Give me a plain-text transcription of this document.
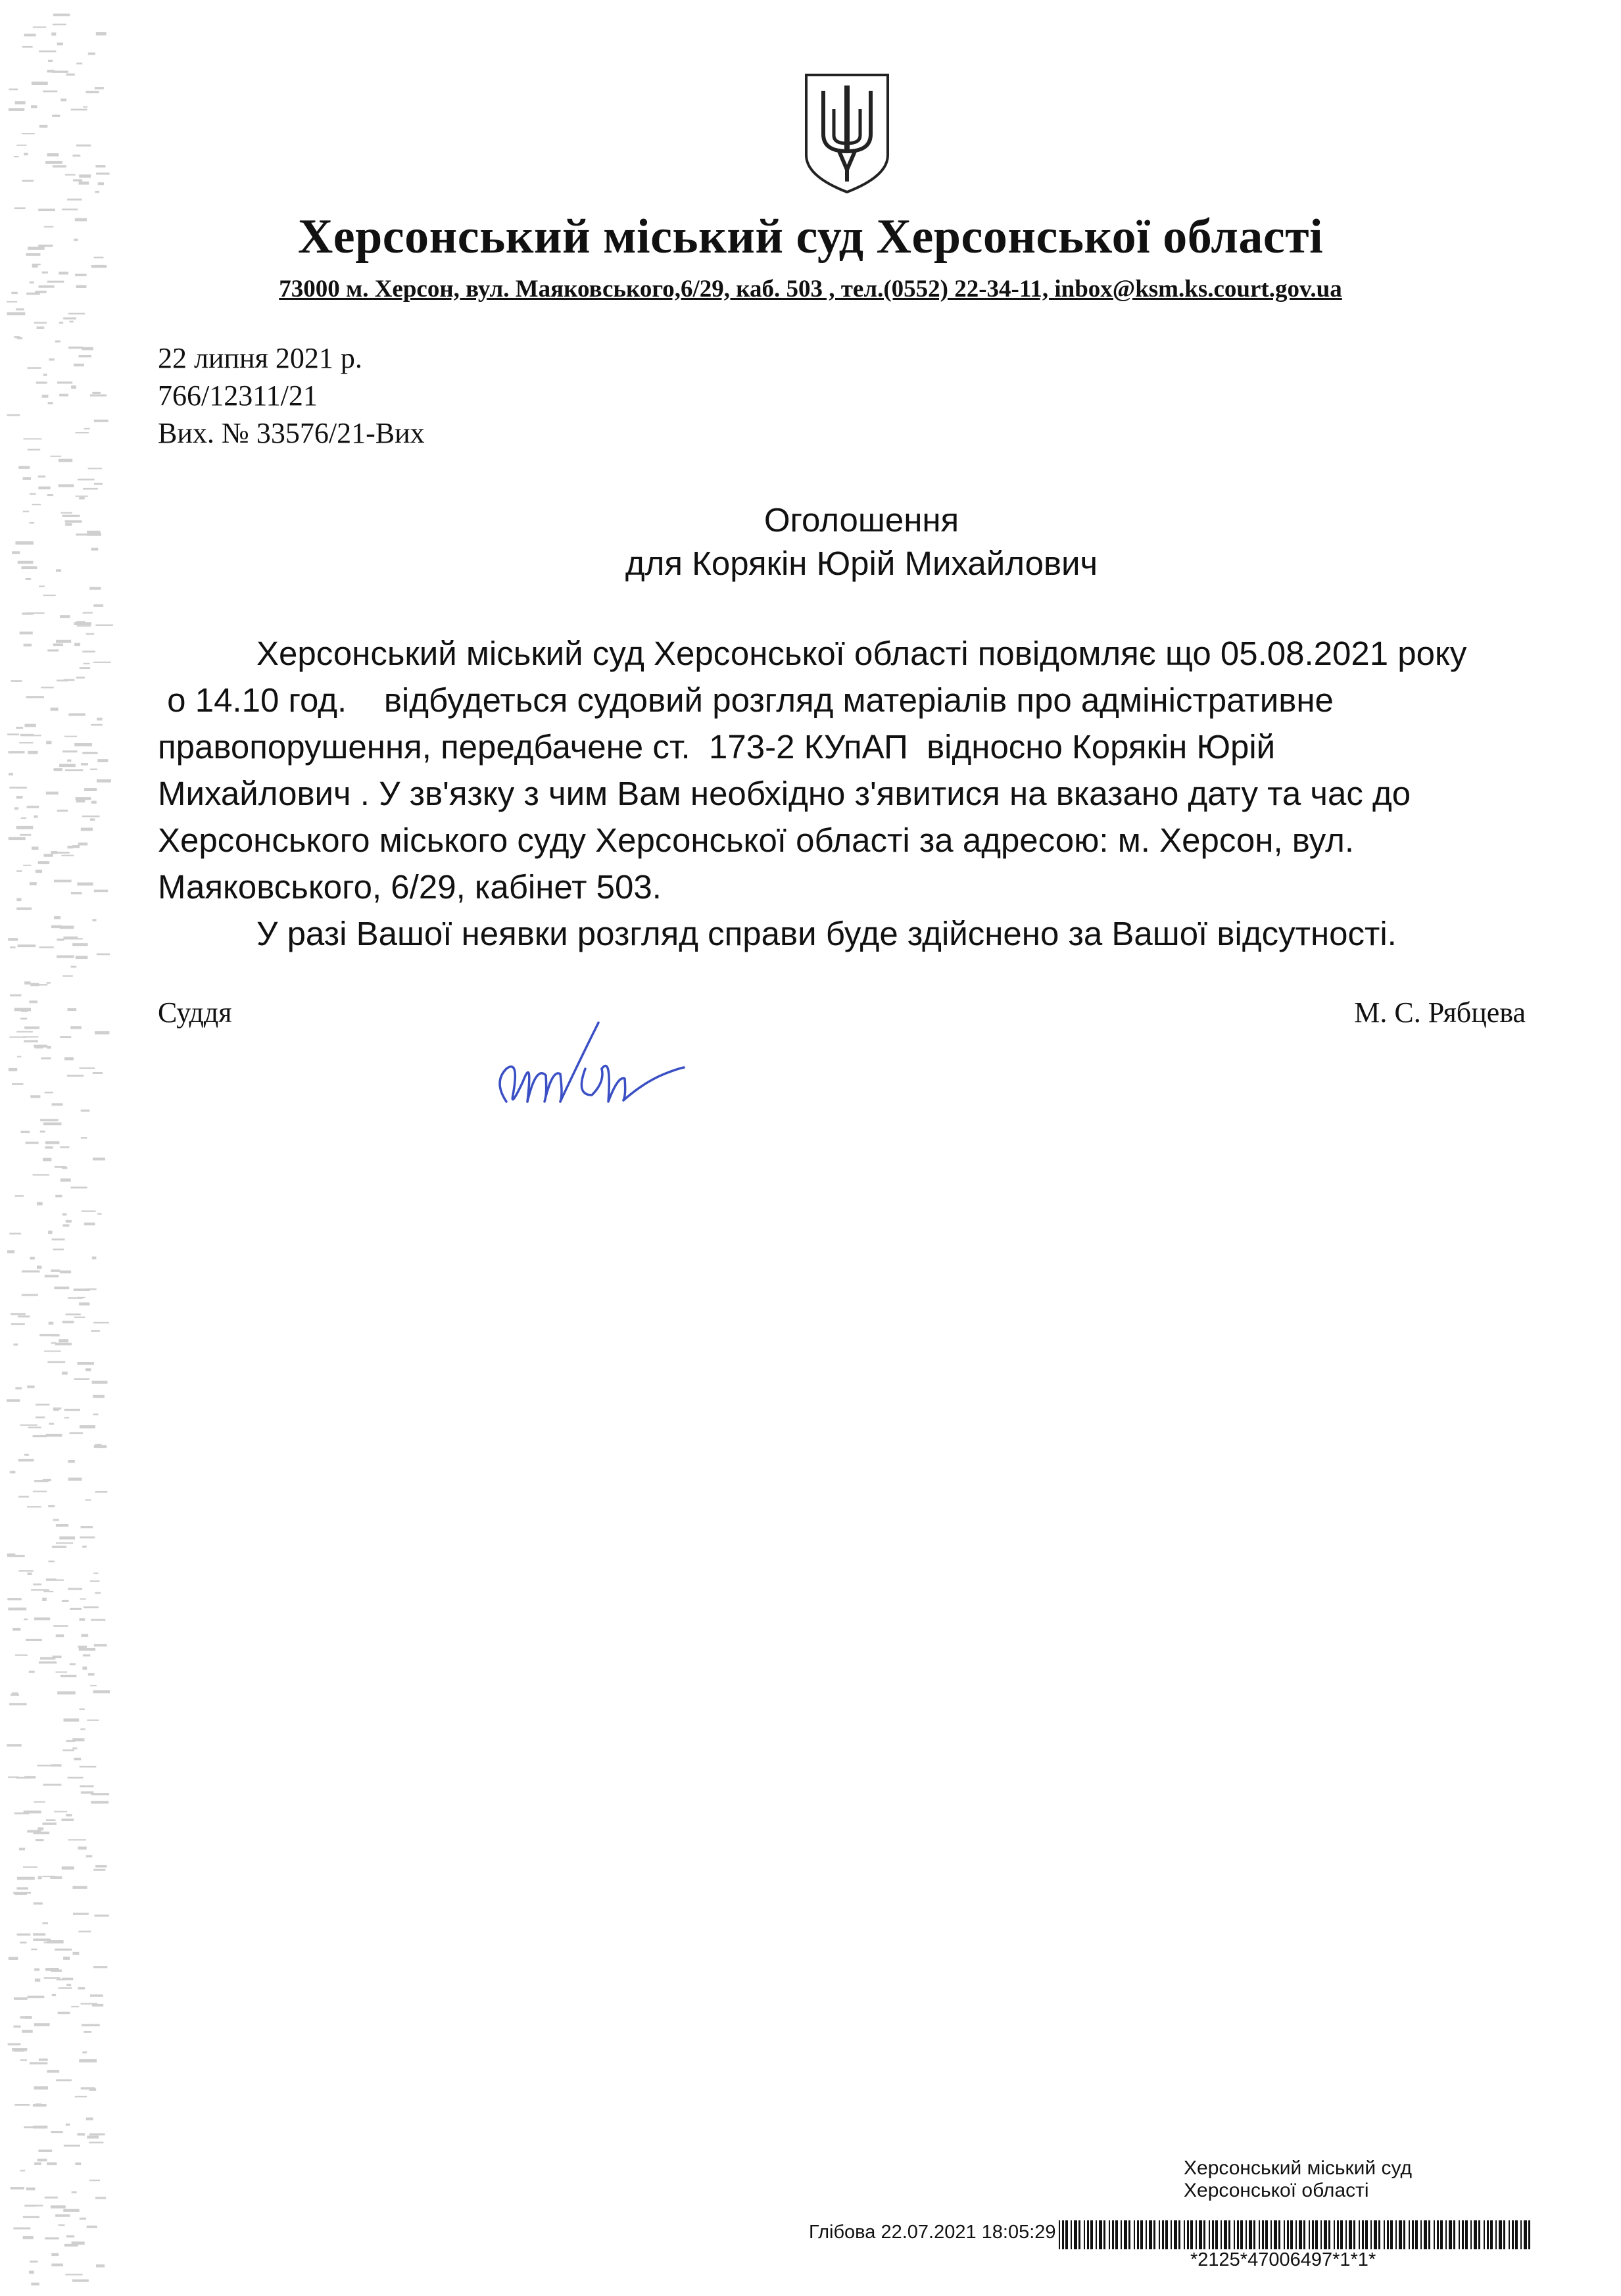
Херсонський міський суд Херсонської області
73000 м. Херсон, вул. Маяковського,6/29, каб. 503 , тел.(0552) 22-34-11, inbox@ksm.ks.court.gov.ua
22 липня 2021 р.
766/12311/21
Вих. № 33576/21-Вих
Оголошення
для Корякін Юрій Михайлович
Херсонський міський суд Херсонської області повідомляє що 05.08.2021 року
о 14.10 год.    відбудеться судовий розгляд матеріалів про адміністративне
правопорушення, передбачене ст.  173-2 КУпАП  відносно Корякін Юрій
Михайлович . У зв'язку з чим Вам необхідно з'явитися на вказано дату та час до
Херсонського міського суду Херсонської області за адресою: м. Херсон, вул.
Маяковського, 6/29, кабінет 503.
У разі Вашої неявки розгляд справи буде здійснено за Вашої відсутності.
Суддя	М. С. Рябцева
Херсонський міський суд
Херсонської області
Глібова 22.07.2021 18:05:29
*2125*47006497*1*1*
